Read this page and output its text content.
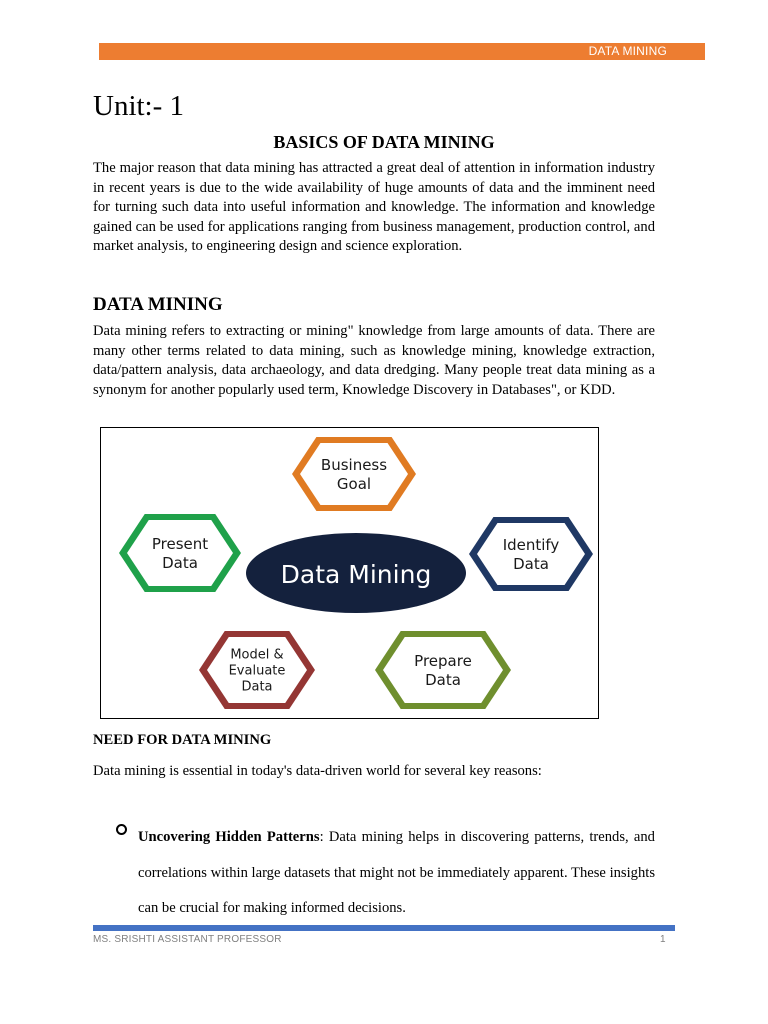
DATA MINING
Unit:- 1
BASICS OF DATA MINING

The major reason that data mining has attracted a great deal of attention in information industry in recent years is due to the wide availability of huge amounts of data and the imminent need for turning such data into useful information and knowledge. The information and knowledge gained can be used for applications ranging from business management, production control, and market analysis, to engineering design and science exploration.

DATA MINING

Data mining refers to extracting or mining" knowledge from large amounts of data. There are many other terms related to data mining, such as knowledge mining, knowledge extraction, data/pattern analysis, data archaeology, and data dredging. Many people treat data mining as a synonym for another popularly used term, Knowledge Discovery in Databases", or KDD.

Data Mining
Business
Goal
Identify
Data
Prepare
Data
Model &
Evaluate
Data
Present
Data
NEED FOR DATA MINING

Data mining is essential in today's data-driven world for several key reasons:

Uncovering Hidden Patterns: Data mining helps in discovering patterns, trends, and correlations within large datasets that might not be immediately apparent. These insights can be crucial for making informed decisions.

MS. SRISHTI ASSISTANT PROFESSOR	1
